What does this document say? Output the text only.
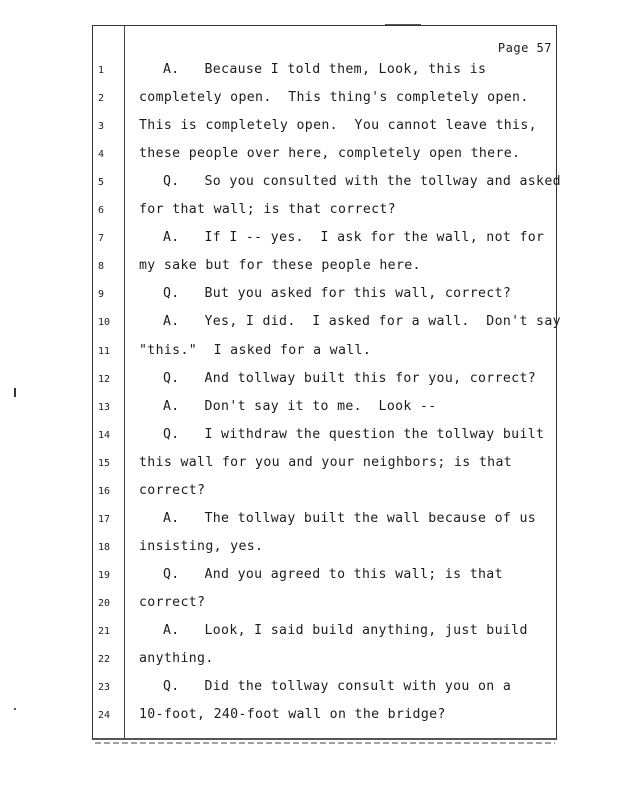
Page 57
1	A.   Because I told them, Look, this is
2	completely open.  This thing's completely open.
3	This is completely open.  You cannot leave this,
4	these people over here, completely open there.
5	Q.   So you consulted with the tollway and asked
6	for that wall; is that correct?
7	A.   If I -- yes.  I ask for the wall, not for
8	my sake but for these people here.
9	Q.   But you asked for this wall, correct?
10	A.   Yes, I did.  I asked for a wall.  Don't say
11	"this."  I asked for a wall.
12	Q.   And tollway built this for you, correct?
13	A.   Don't say it to me.  Look --
14	Q.   I withdraw the question the tollway built
15	this wall for you and your neighbors; is that
16	correct?
17	A.   The tollway built the wall because of us
18	insisting, yes.
19	Q.   And you agreed to this wall; is that
20	correct?
21	A.   Look, I said build anything, just build
22	anything.
23	Q.   Did the tollway consult with you on a
24	10-foot, 240-foot wall on the bridge?
